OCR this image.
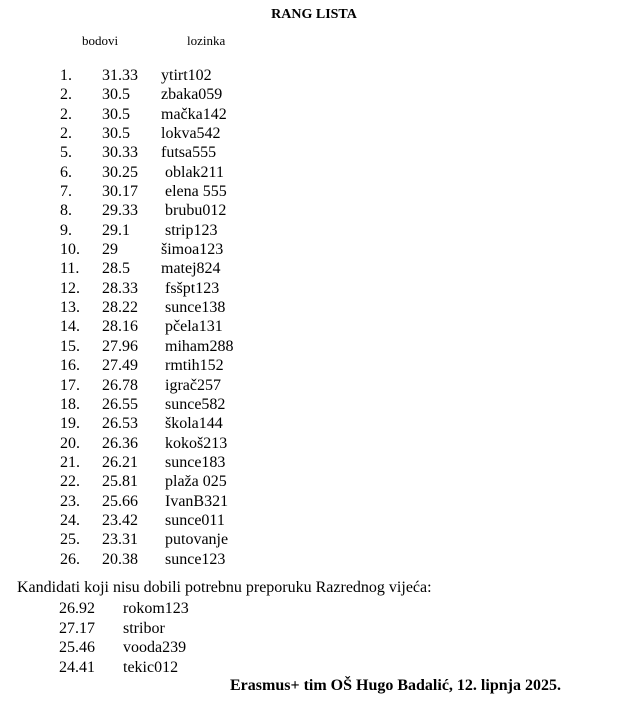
RANG LISTA
bodovi	lozinka
1. 31.33 ytirt102
2. 30.5 zbaka059
2. 30.5 mačka142
2. 30.5 lokva542
5. 30.33 futsa555
6. 30.25 oblak211
7. 30.17 elena 555
8. 29.33 brubu012
9. 29.1 strip123
10. 29	šimoa123
11. 28.5 matej824
12. 28.33 fsšpt123
13. 28.22 sunce138
14. 28.16 pčela131
15. 27.96 miham288
16. 27.49 rmtih152
17. 26.78 igrač257
18. 26.55 sunce582
19. 26.53 škola144
20. 26.36 kokoš213
21. 26.21 sunce183
22. 25.81 plaža 025
23. 25.66 IvanB321
24. 23.42 sunce011
25. 23.31 putovanje
26. 20.38 sunce123
Kandidati koji nisu dobili potrebnu preporuku Razrednog vijeća:
26.92 rokom123
27.17 stribor
25.46 vooda239
24.41 tekic012
Erasmus+ tim OŠ Hugo Badalić, 12. lipnja 2025.
